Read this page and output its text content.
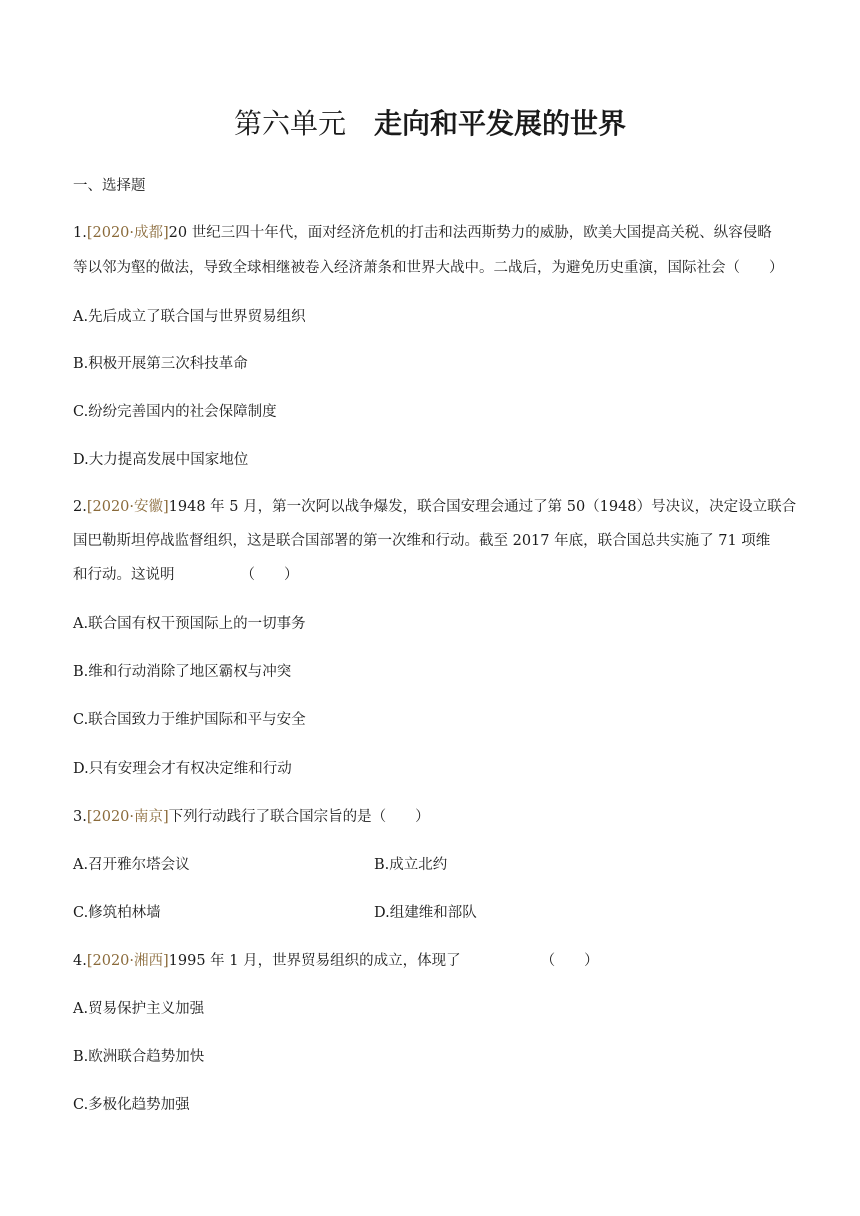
第六单元 走向和平发展的世界
一、选择题
1.[2020·成都]20 世纪三四十年代，面对经济危机的打击和法西斯势力的威胁，欧美大国提高关税、纵容侵略
等以邻为壑的做法，导致全球相继被卷入经济萧条和世界大战中。二战后，为避免历史重演，国际社会（　　）
A.先后成立了联合国与世界贸易组织
B.积极开展第三次科技革命
C.纷纷完善国内的社会保障制度
D.大力提高发展中国家地位
2.[2020·安徽]1948 年 5 月，第一次阿以战争爆发，联合国安理会通过了第 50（1948）号决议，决定设立联合
国巴勒斯坦停战监督组织，这是联合国部署的第一次维和行动。截至 2017 年底，联合国总共实施了 71 项维
和行动。这说明	（　　）
A.联合国有权干预国际上的一切事务
B.维和行动消除了地区霸权与冲突
C.联合国致力于维护国际和平与安全
D.只有安理会才有权决定维和行动
3.[2020·南京]下列行动践行了联合国宗旨的是（　　）
A.召开雅尔塔会议	B.成立北约
C.修筑柏林墙	D.组建维和部队
4.[2020·湘西]1995 年 1 月，世界贸易组织的成立，体现了	（　　）
A.贸易保护主义加强
B.欧洲联合趋势加快
C.多极化趋势加强
